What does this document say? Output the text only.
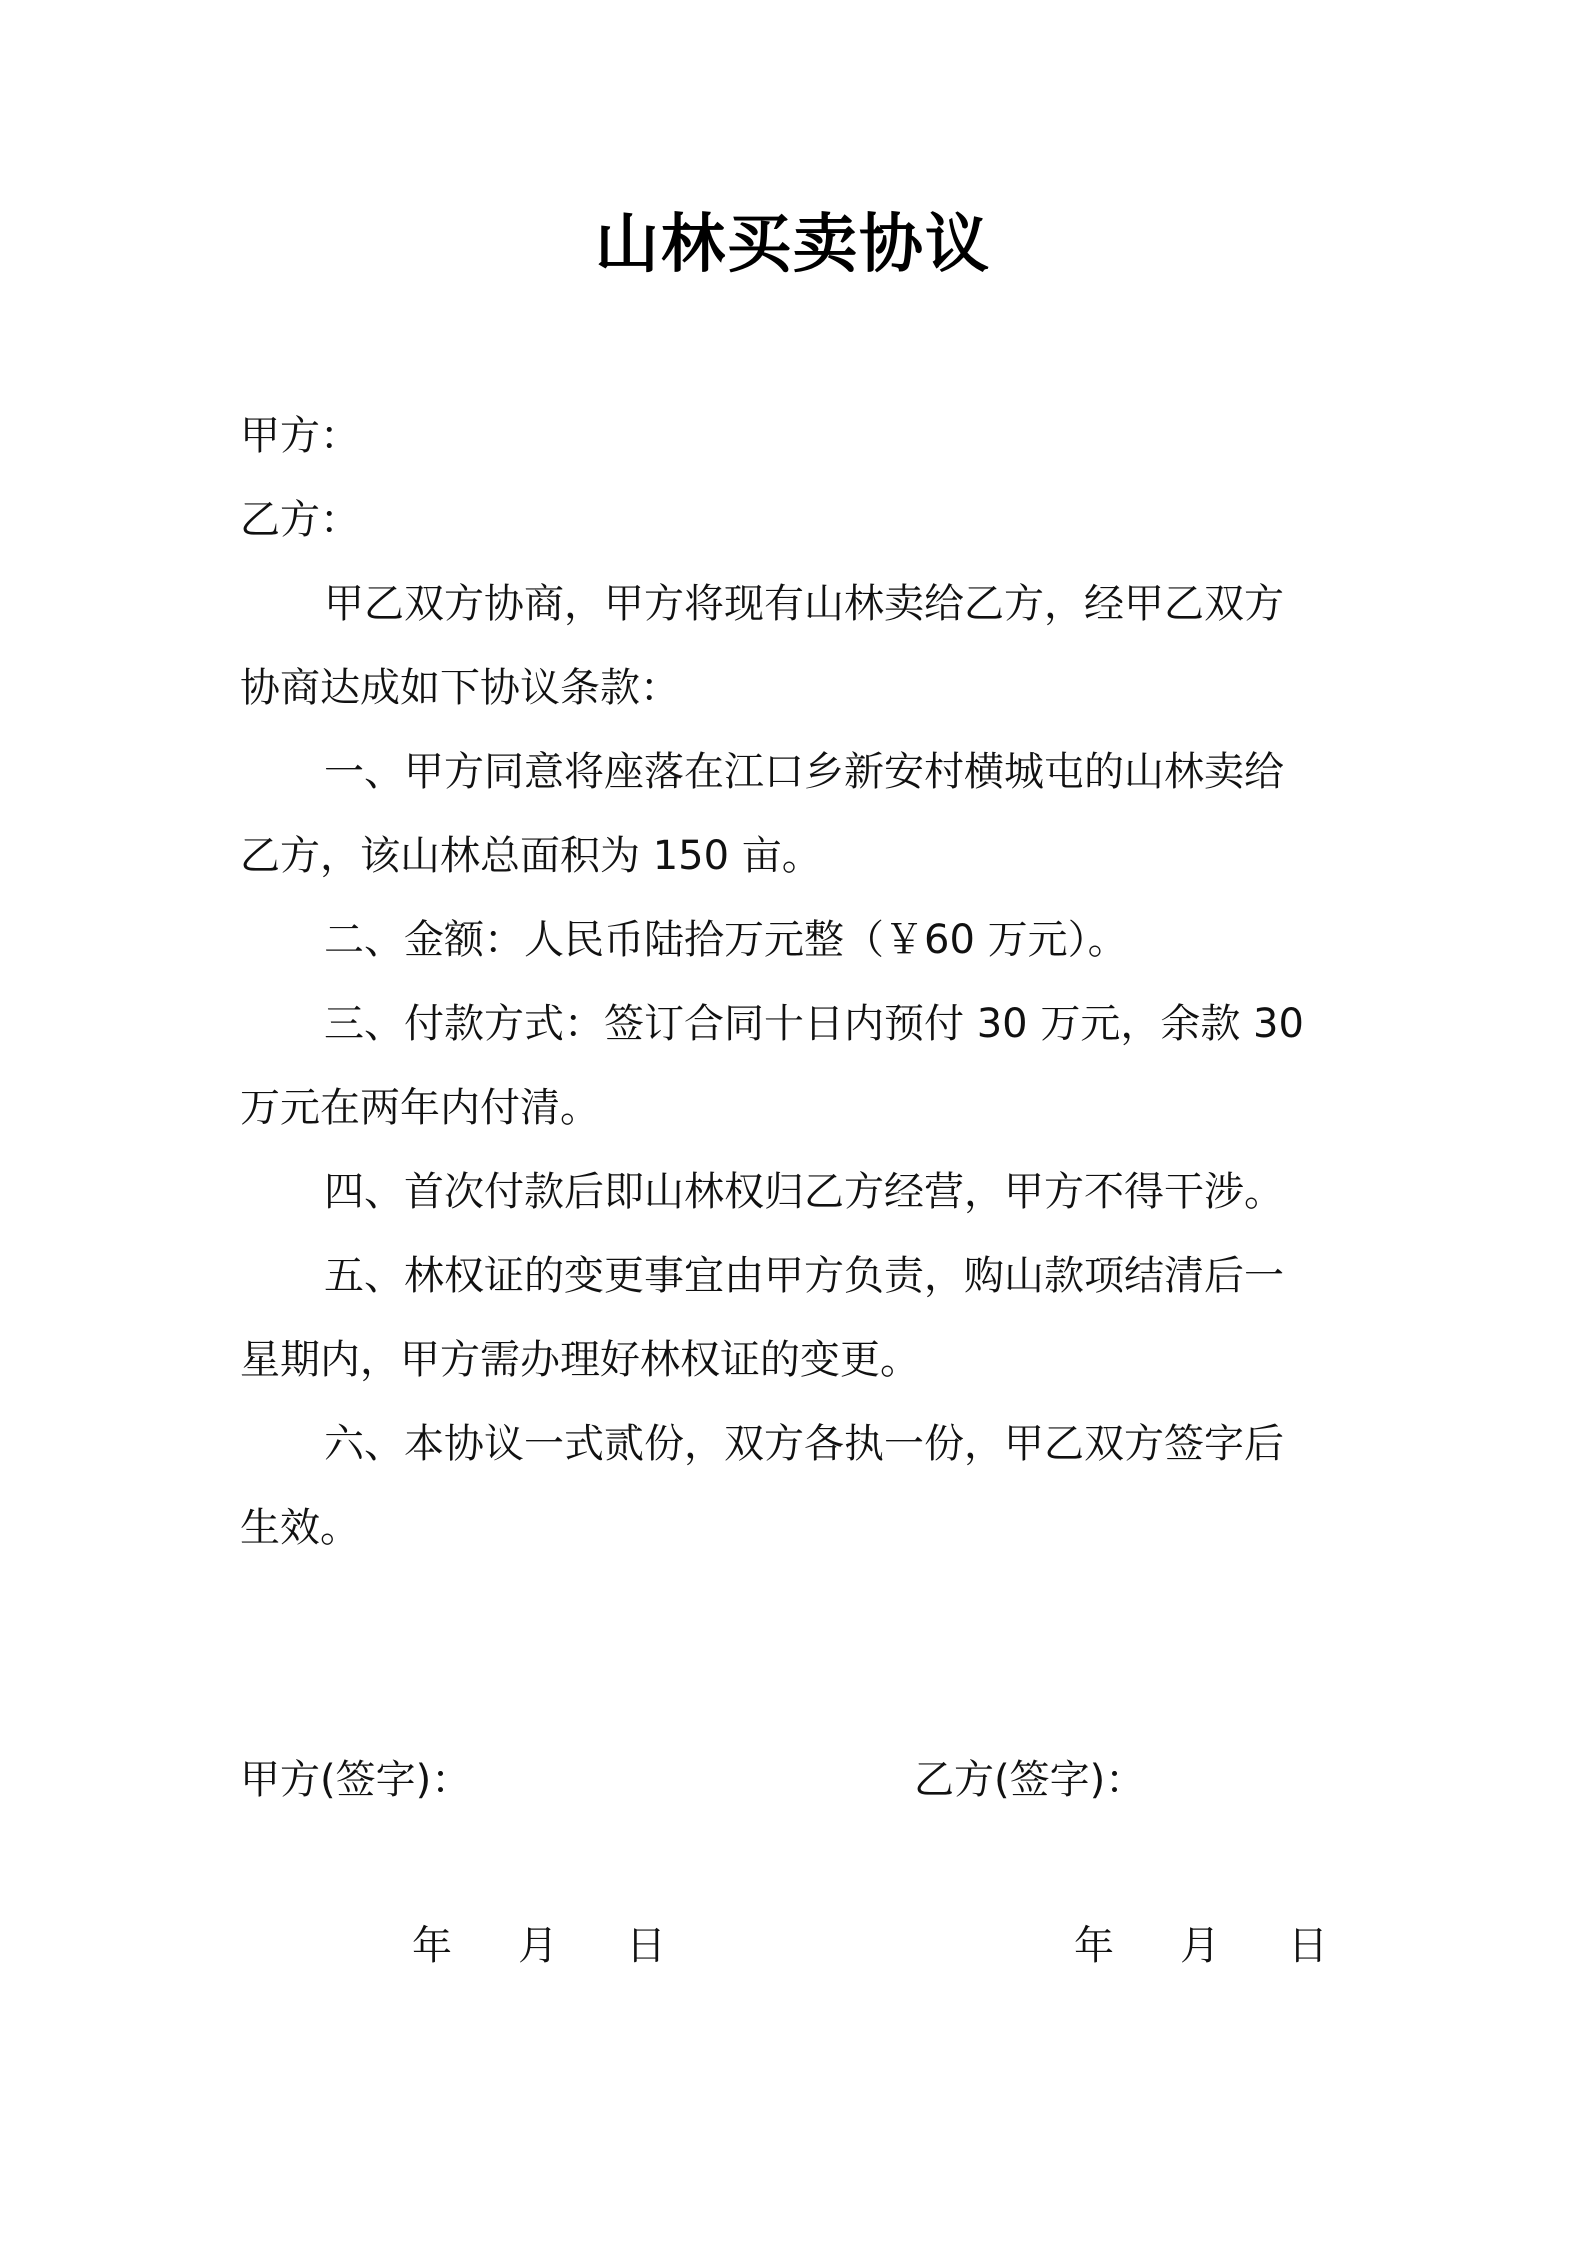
山林买卖协议
甲方：
乙方：
甲乙双方协商，甲方将现有山林卖给乙方，经甲乙双方
协商达成如下协议条款：
一、甲方同意将座落在江口乡新安村横城屯的山林卖给
乙方，该山林总面积为 150 亩。
二、金额：人民币陆拾万元整（￥60 万元）。
三、付款方式：签订合同十日内预付 30 万元，余款 30
万元在两年内付清。
四、首次付款后即山林权归乙方经营，甲方不得干涉。
五、林权证的变更事宜由甲方负责，购山款项结清后一
星期内，甲方需办理好林权证的变更。
六、本协议一式贰份，双方各执一份，甲乙双方签字后
生效。
甲方(签字)：	乙方(签字)：
年 月 日	年 月 日
